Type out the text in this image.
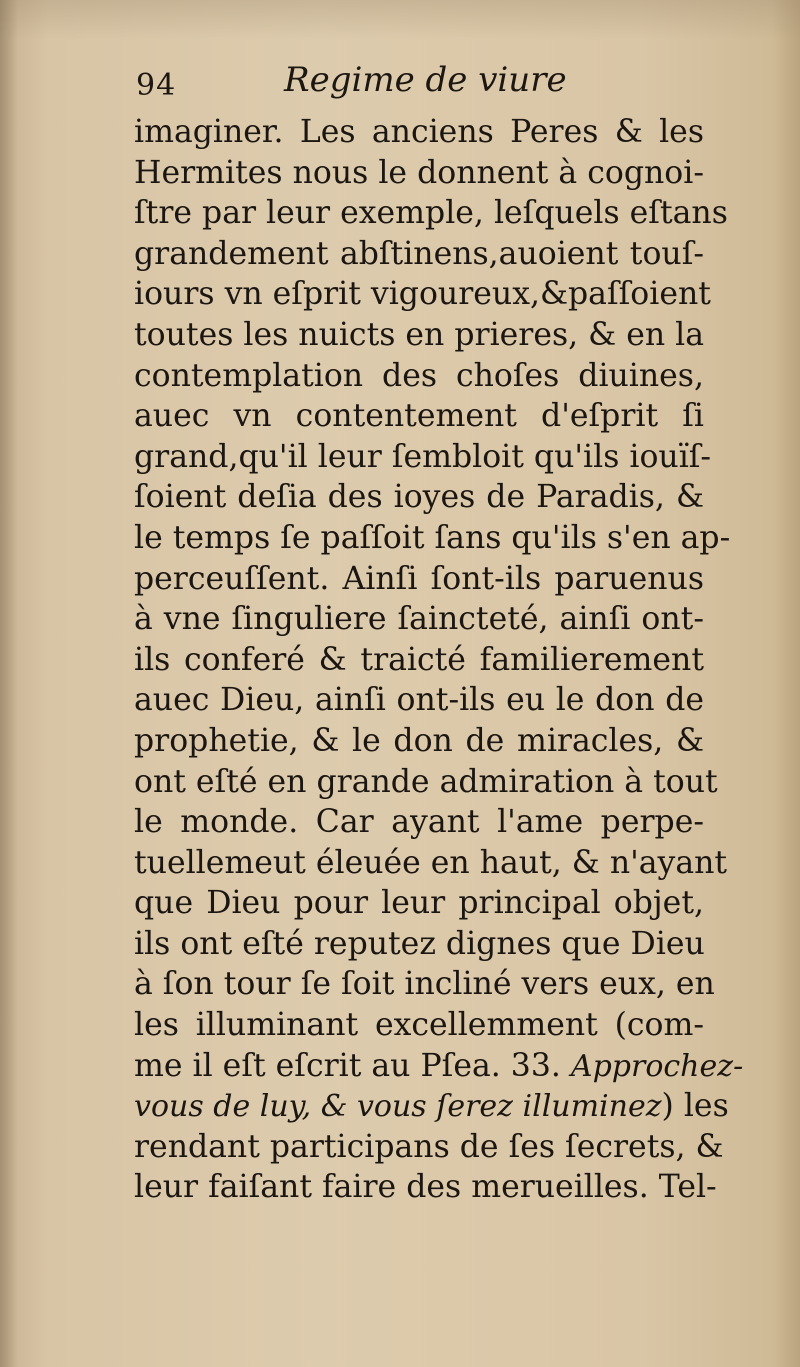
94	Regime de viure
imaginer. Les anciens Peres & les
Hermites nous le donnent à cognoi-
ſtre par leur exemple, leſquels eſtans
grandement abſtinens,auoient touſ-
iours vn eſprit vigoureux,&paſſoient
toutes les nuicts en prieres, & en la
contemplation des choſes diuines,
auec vn contentement d'eſprit ſi
grand,qu'il leur ſembloit qu'ils iouïſ-
ſoient deſia des ioyes de Paradis, &
le temps ſe paſſoit ſans qu'ils s'en ap-
perceuſſent. Ainſi ſont-ils paruenus
à vne ſinguliere ſaincteté, ainſi ont-
ils conferé & traicté familierement
auec Dieu, ainſi ont-ils eu le don de
prophetie, & le don de miracles, &
ont eſté en grande admiration à tout
le monde. Car ayant l'ame perpe-
tuellemeut éleuée en haut, & n'ayant
que Dieu pour leur principal objet,
ils ont eſté reputez dignes que Dieu
à ſon tour ſe ſoit incliné vers eux, en
les illuminant excellemment (com-
me il eſt eſcrit au Pſea. 33. Approchez-
vous de luy, & vous ſerez illuminez) les
rendant participans de ſes ſecrets, &
leur faiſant faire des merueilles. Tel-
